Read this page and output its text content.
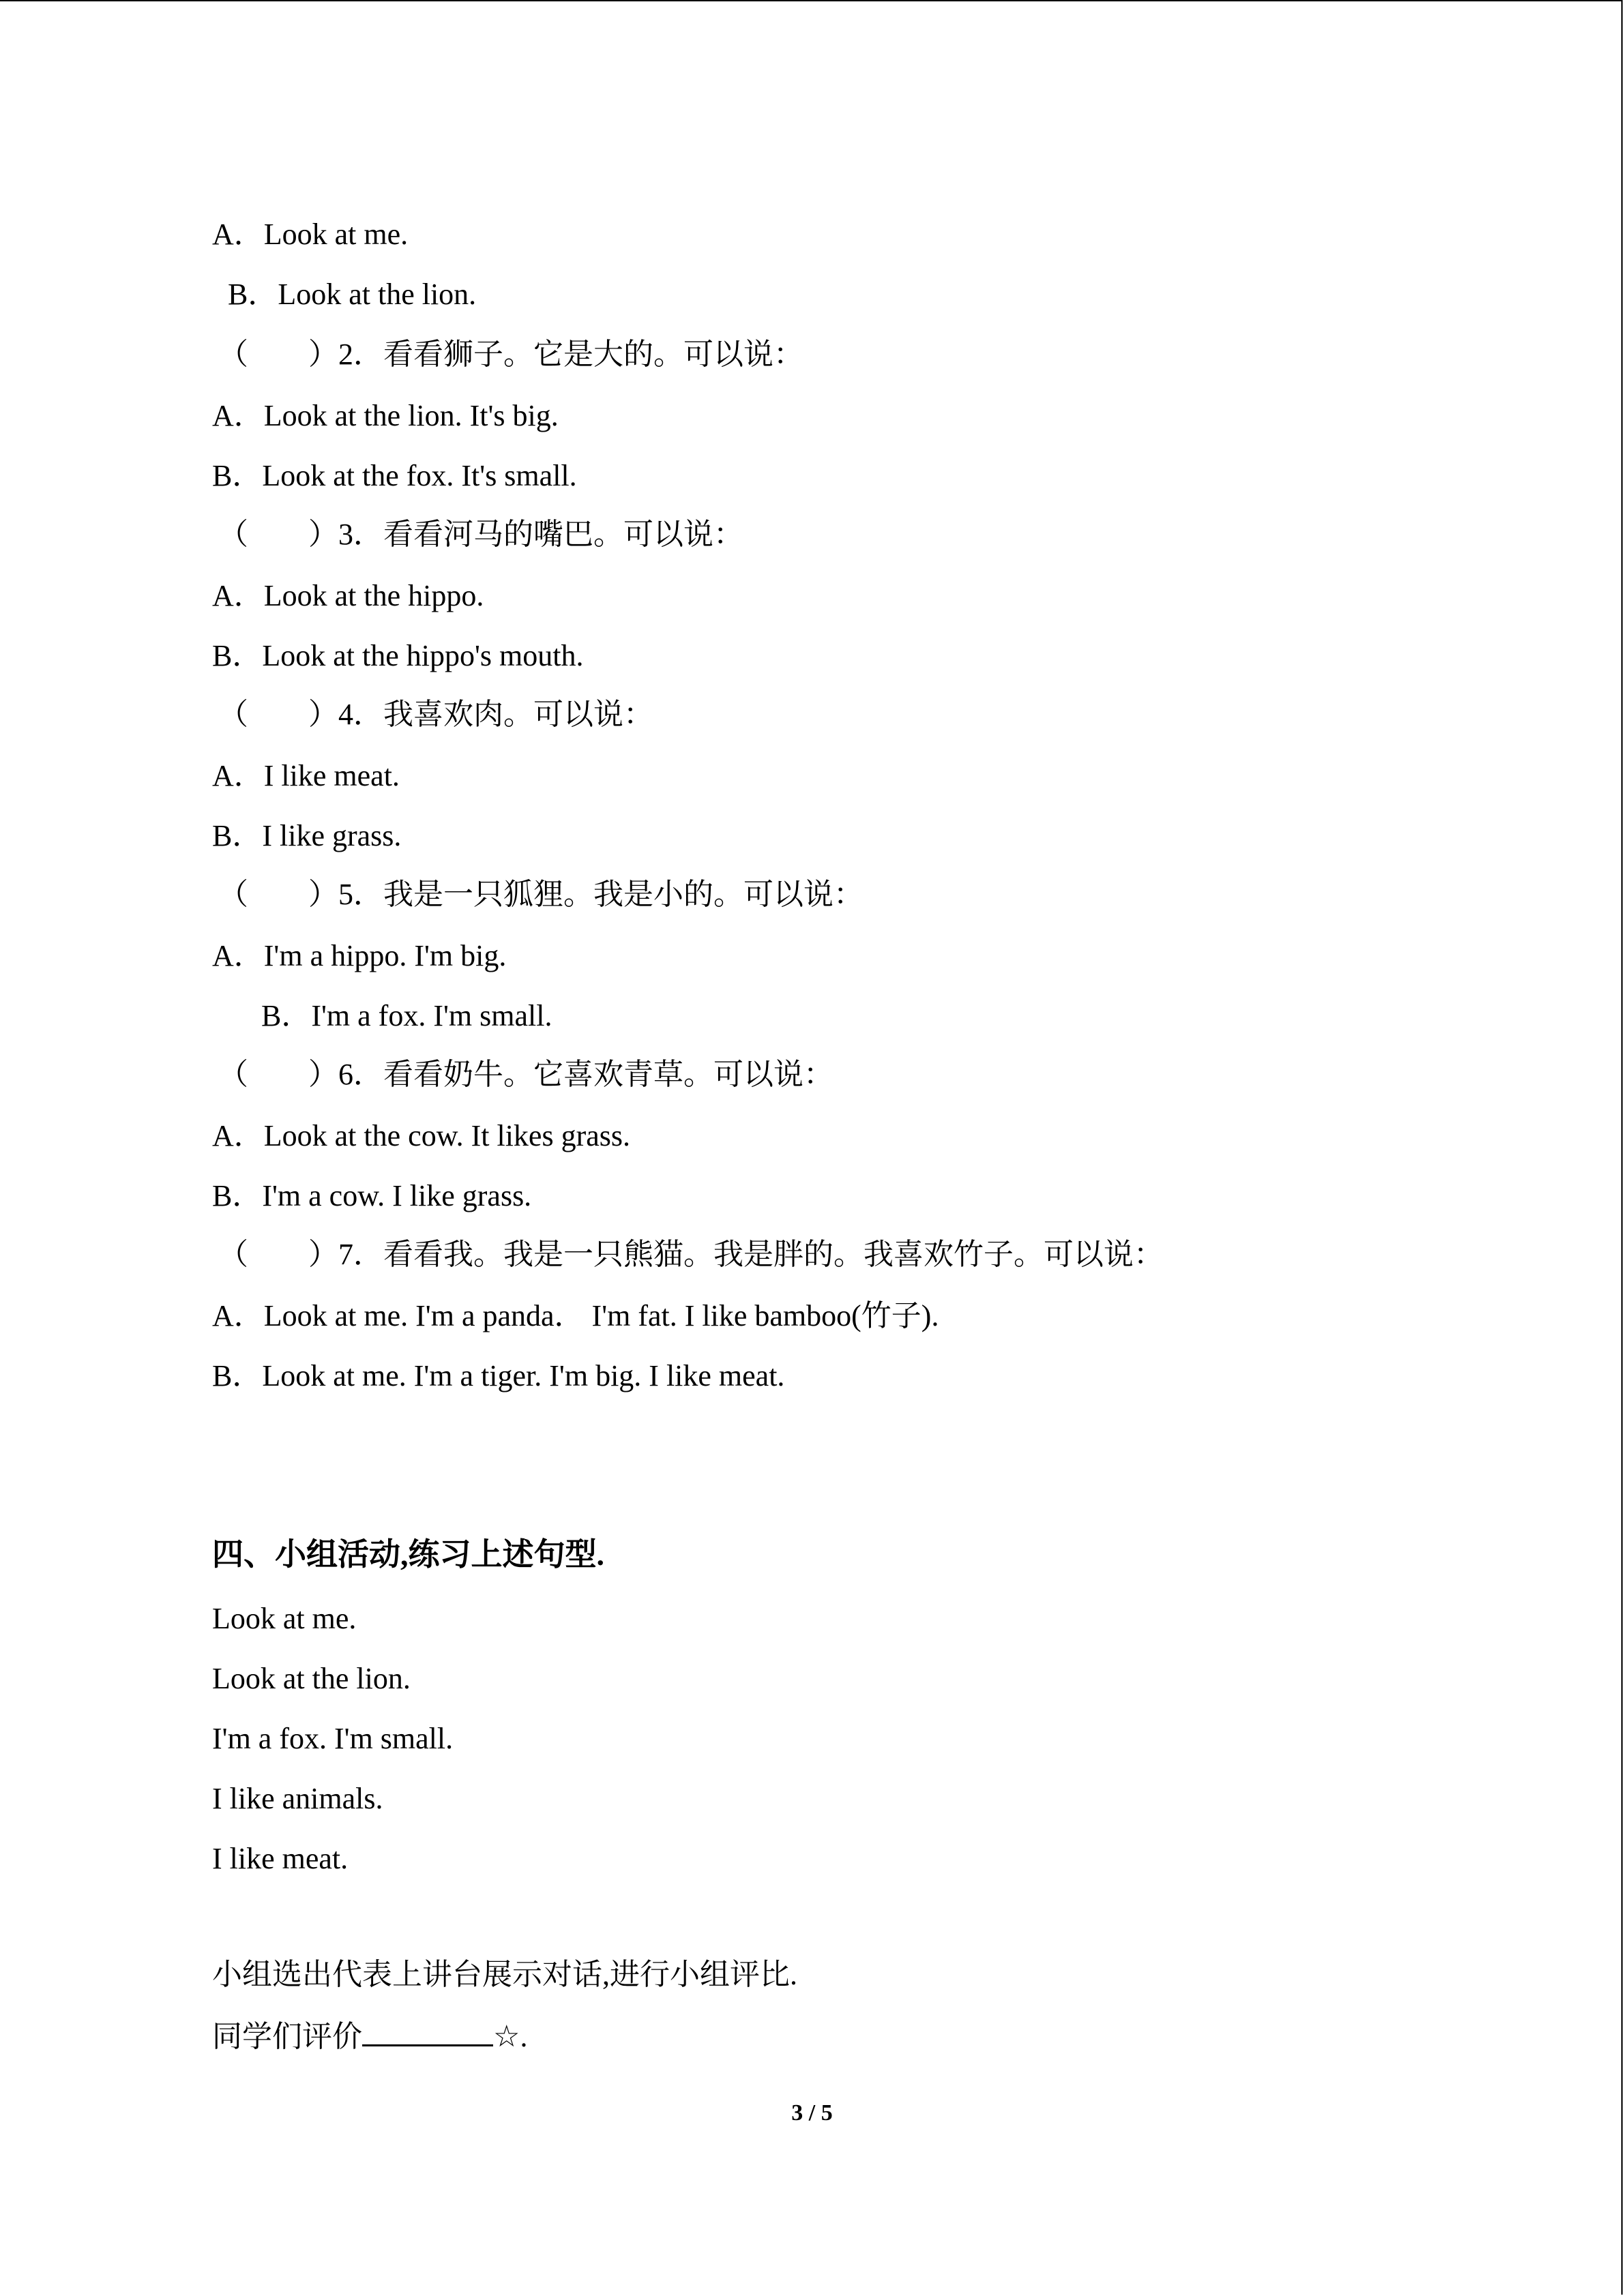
A．Look at me.
B．Look at the lion.
（　　）2．看看狮子。它是大的。可以说：
A．Look at the lion. It's big.
B．Look at the fox. It's small.
（　　）3．看看河马的嘴巴。可以说：
A．Look at the hippo.
B．Look at the hippo's mouth.
（　　）4．我喜欢肉。可以说：
A．I like meat.
B．I like grass.
（　　）5．我是一只狐狸。我是小的。可以说：
A．I'm a hippo. I'm big.
B．I'm a fox. I'm small.
（　　）6．看看奶牛。它喜欢青草。可以说：
A．Look at the cow. It likes grass.
B．I'm a cow. I like grass.
（　　）7．看看我。我是一只熊猫。我是胖的。我喜欢竹子。可以说：
A．Look at me. I'm a panda． I'm fat. I like bamboo(竹子).
B．Look at me. I'm a tiger. I'm big. I like meat.
四、小组活动,练习上述句型.
Look at me.
Look at the lion.
I'm a fox. I'm small.
I like animals.
I like meat.
小组选出代表上讲台展示对话,进行小组评比.
同学们评价	☆.
3 / 5
